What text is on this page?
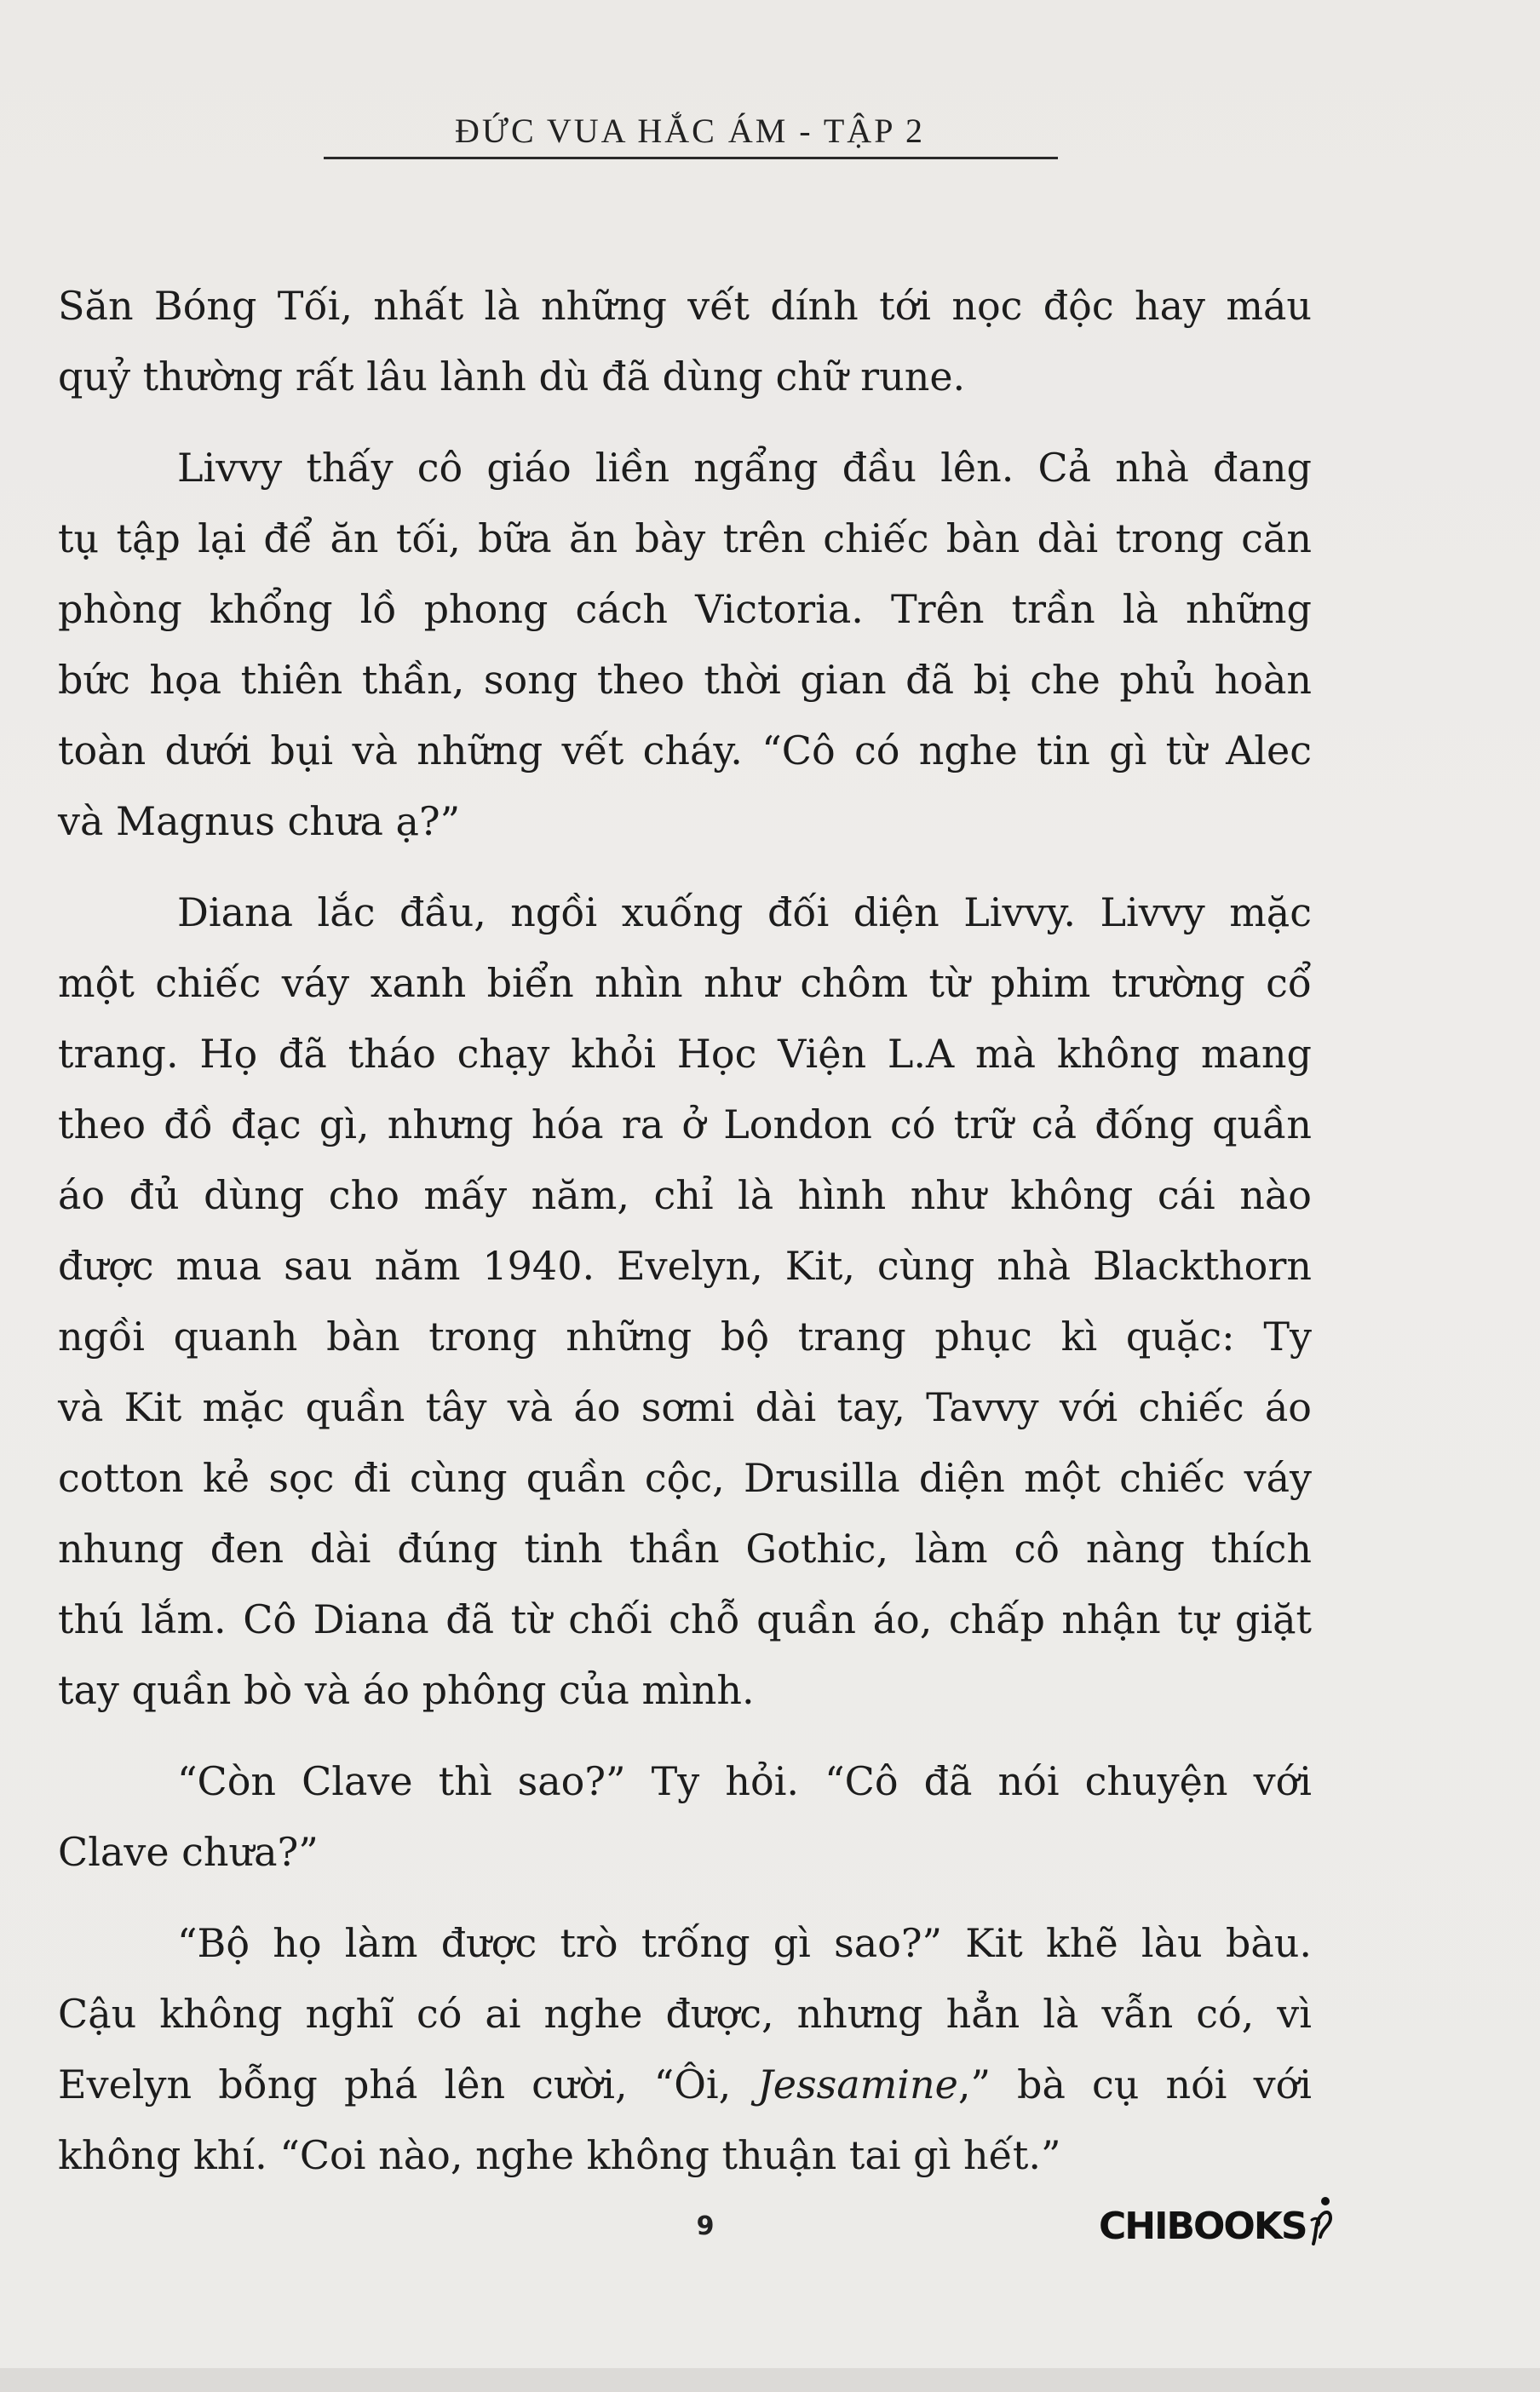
ĐỨC VUA HẮC ÁM - TẬP 2

Săn Bóng Tối, nhất là những vết dính tới nọc độc hay máu
quỷ thường rất lâu lành dù đã dùng chữ rune.

Livvy thấy cô giáo liền ngẩng đầu lên. Cả nhà đang
tụ tập lại để ăn tối, bữa ăn bày trên chiếc bàn dài trong căn
phòng khổng lồ phong cách Victoria. Trên trần là những
bức họa thiên thần, song theo thời gian đã bị che phủ hoàn
toàn dưới bụi và những vết cháy. “Cô có nghe tin gì từ Alec
và Magnus chưa ạ?”

Diana lắc đầu, ngồi xuống đối diện Livvy. Livvy mặc
một chiếc váy xanh biển nhìn như chôm từ phim trường cổ
trang. Họ đã tháo chạy khỏi Học Viện L.A mà không mang
theo đồ đạc gì, nhưng hóa ra ở London có trữ cả đống quần
áo đủ dùng cho mấy năm, chỉ là hình như không cái nào
được mua sau năm 1940. Evelyn, Kit, cùng nhà Blackthorn
ngồi quanh bàn trong những bộ trang phục kì quặc: Ty
và Kit mặc quần tây và áo sơmi dài tay, Tavvy với chiếc áo
cotton kẻ sọc đi cùng quần cộc, Drusilla diện một chiếc váy
nhung đen dài đúng tinh thần Gothic, làm cô nàng thích
thú lắm. Cô Diana đã từ chối chỗ quần áo, chấp nhận tự giặt
tay quần bò và áo phông của mình.

“Còn Clave thì sao?” Ty hỏi. “Cô đã nói chuyện với
Clave chưa?”

“Bộ họ làm được trò trống gì sao?” Kit khẽ làu bàu.
Cậu không nghĩ có ai nghe được, nhưng hẳn là vẫn có, vì
Evelyn bỗng phá lên cười, “Ôi, Jessamine,” bà cụ nói với
không khí. “Coi nào, nghe không thuận tai gì hết.”

9	CHIBOOKS
